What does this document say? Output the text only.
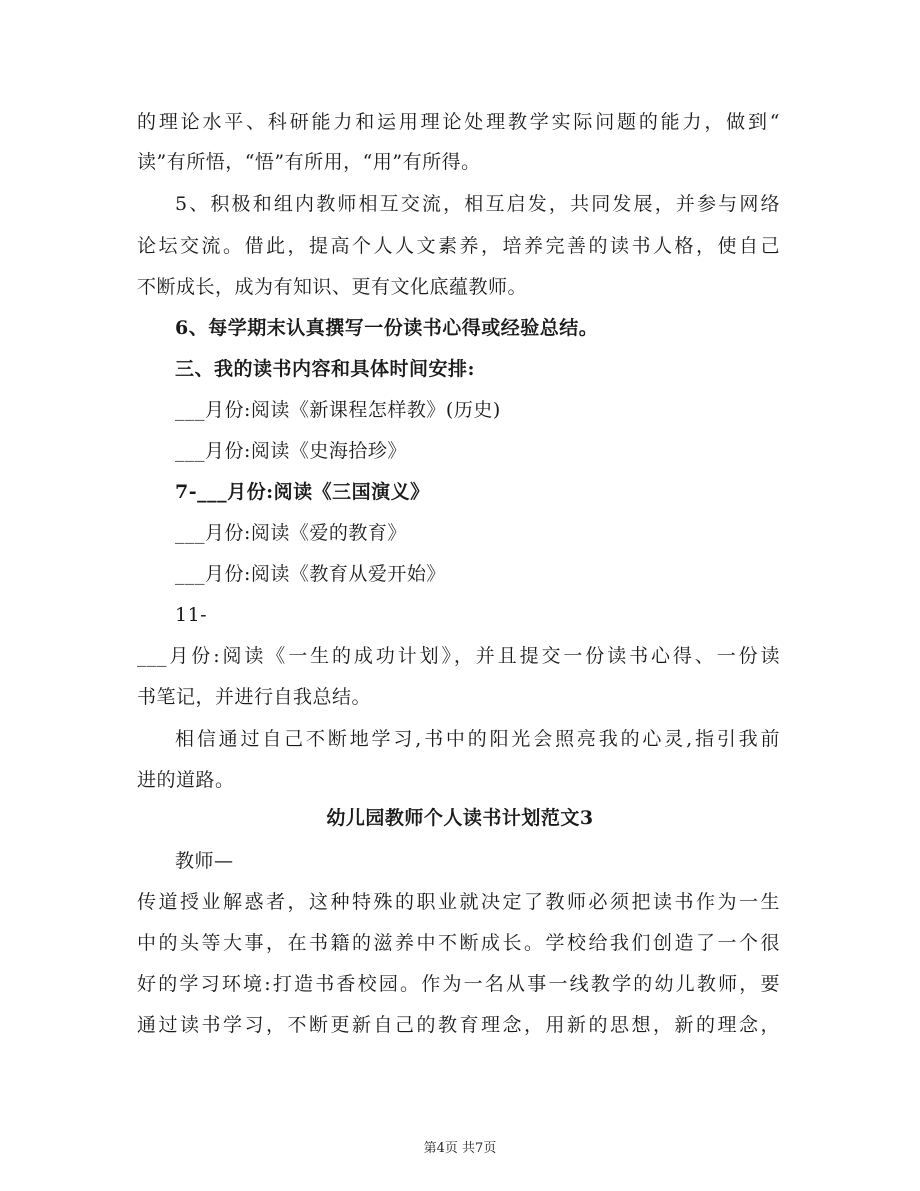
的理论水平、科研能力和运用理论处理教学实际问题的能力，做到“

读”有所悟，“悟”有所用，“用”有所得。

5、积极和组内教师相互交流，相互启发，共同发展，并参与网络

论坛交流。借此，提高个人人文素养，培养完善的读书人格，使自己

不断成长，成为有知识、更有文化底蕴教师。

6、每学期末认真撰写一份读书心得或经验总结。

三、我的读书内容和具体时间安排:

___月份:阅读《新课程怎样教》(历史)

___月份:阅读《史海拾珍》

7-___月份:阅读《三国演义》

___月份:阅读《爱的教育》

___月份:阅读《教育从爱开始》

11-

___月份:阅读《一生的成功计划》，并且提交一份读书心得、一份读

书笔记，并进行自我总结。

相信通过自己不断地学习,书中的阳光会照亮我的心灵,指引我前

进的道路。

幼儿园教师个人读书计划范文3

教师—

传道授业解惑者，这种特殊的职业就决定了教师必须把读书作为一生

中的头等大事，在书籍的滋养中不断成长。学校给我们创造了一个很

好的学习环境:打造书香校园。作为一名从事一线教学的幼儿教师，要

通过读书学习，不断更新自己的教育理念，用新的思想，新的理念，

第4页 共7页
